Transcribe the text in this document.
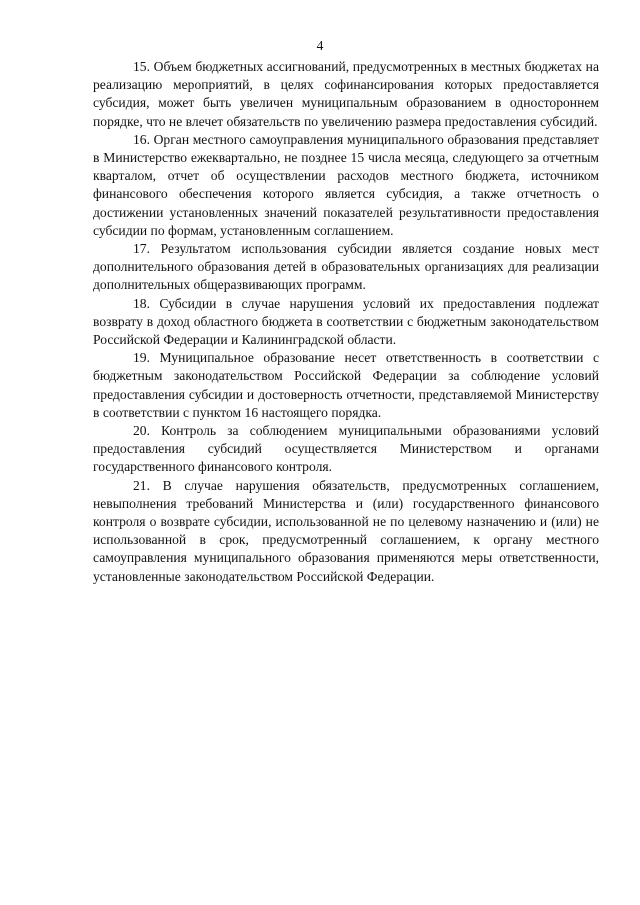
4

15. Объем бюджетных ассигнований, предусмотренных в местных бюджетах на реализацию мероприятий, в целях софинансирования которых предоставляется субсидия, может быть увеличен муниципальным образованием в одностороннем порядке, что не влечет обязательств по увеличению размера предоставления субсидий.

16. Орган местного самоуправления муниципального образования представляет в Министерство ежеквартально, не позднее 15 числа месяца, следующего за отчетным кварталом, отчет об осуществлении расходов местного бюджета, источником финансового обеспечения которого является субсидия, а также отчетность о достижении установленных значений показателей результативности предоставления субсидии по формам, установленным соглашением.

17. Результатом использования субсидии является создание новых мест дополнительного образования детей в образовательных организациях для реализации дополнительных общеразвивающих программ.

18. Субсидии в случае нарушения условий их предоставления подлежат возврату в доход областного бюджета в соответствии с бюджетным законодательством Российской Федерации и Калининградской области.

19. Муниципальное образование несет ответственность в соответствии с бюджетным законодательством Российской Федерации за соблюдение условий предоставления субсидии и достоверность отчетности, представляемой Министерству в соответствии с пунктом 16 настоящего порядка.

20. Контроль за соблюдением муниципальными образованиями условий предоставления субсидий осуществляется Министерством и органами государственного финансового контроля.

21. В случае нарушения обязательств, предусмотренных соглашением, невыполнения требований Министерства и (или) государственного финансового контроля о возврате субсидии, использованной не по целевому назначению и (или) не использованной в срок, предусмотренный соглашением, к органу местного самоуправления муниципального образования применяются меры ответственности, установленные законодательством Российской Федерации.
